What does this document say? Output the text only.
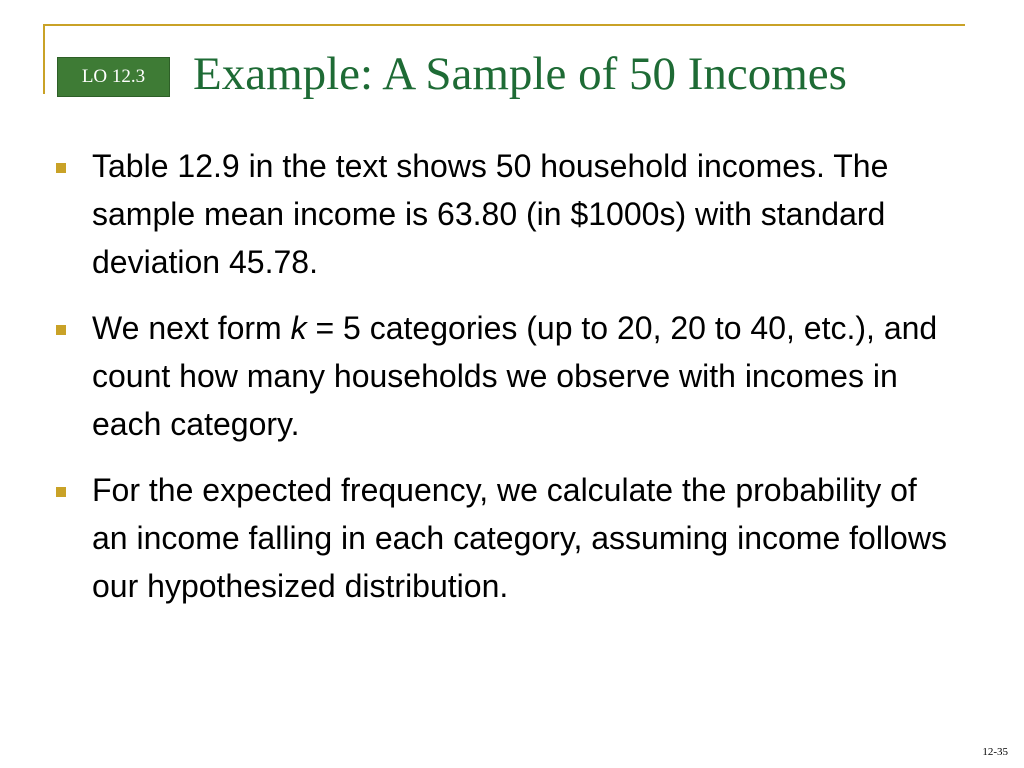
LO 12.3	Example: A Sample of 50 Incomes
Table 12.9 in the text shows 50 household incomes. The sample mean income is 63.80 (in $1000s) with standard deviation 45.78.
We next form k = 5 categories (up to 20, 20 to 40, etc.), and count how many households we observe with incomes in each category.
For the expected frequency, we calculate the probability of an income falling in each category, assuming income follows our hypothesized distribution.
12-35
